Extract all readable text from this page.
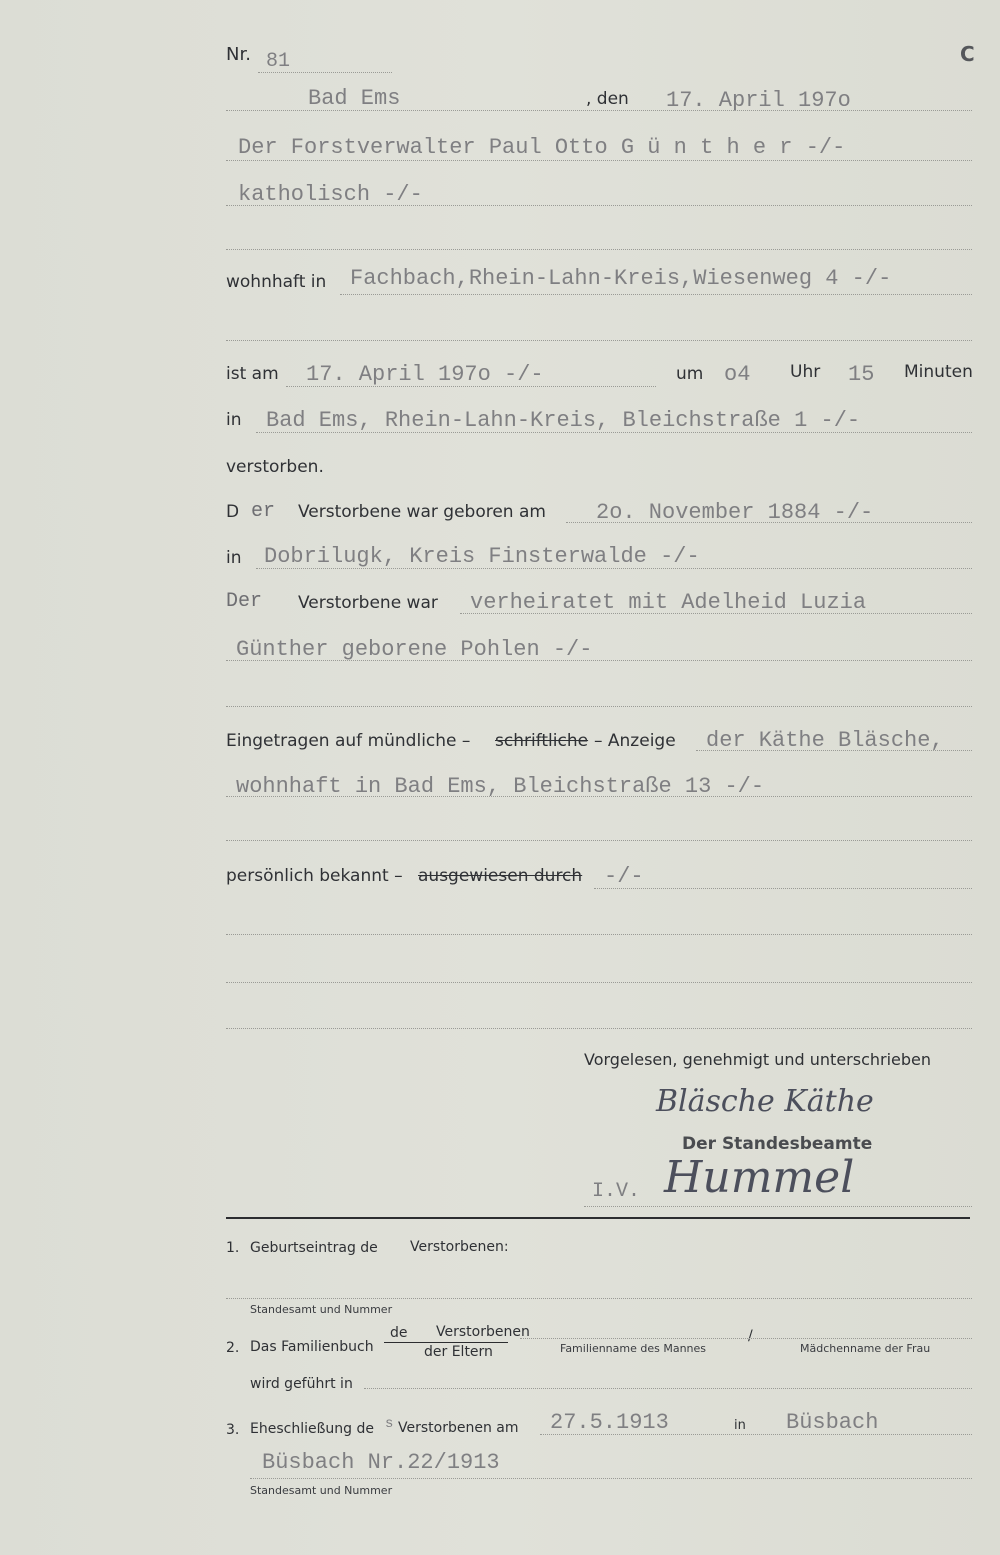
Nr. 81	C
Bad Ems	, den 17. April 197o
Der Forstverwalter Paul Otto G ü n t h e r -/-
katholisch -/-
wohnhaft in Fachbach,Rhein-Lahn-Kreis,Wiesenweg 4 -/-
ist am 17. April 197o -/-	um o4 Uhr 15 Minuten
in Bad Ems, Rhein-Lahn-Kreis, Bleichstraße 1 -/-
verstorben.
D er Verstorbene war geboren am 2o. November 1884 -/-
in Dobrilugk, Kreis Finsterwalde -/-
Der Verstorbene war verheiratet mit Adelheid Luzia
Günther geborene Pohlen -/-
Eingetragen auf mündliche – schriftliche – Anzeige der Käthe Bläsche,
wohnhaft in Bad Ems, Bleichstraße 13 -/-
persönlich bekannt – ausgewiesen durch -/-
Vorgelesen, genehmigt und unterschrieben
Bläsche Käthe
Der Standesbeamte
I.V. Hummel
1. Geburtseintrag de Verstorbenen:
Standesamt und Nummer
2. Das Familienbuch
de Verstorbenen
der Eltern	Familienname des Mannes
/
Mädchenname der Frau
wird geführt in
3. Eheschließung de s Verstorbenen am 27.5.1913	in Büsbach
Büsbach Nr.22/1913
Standesamt und Nummer
